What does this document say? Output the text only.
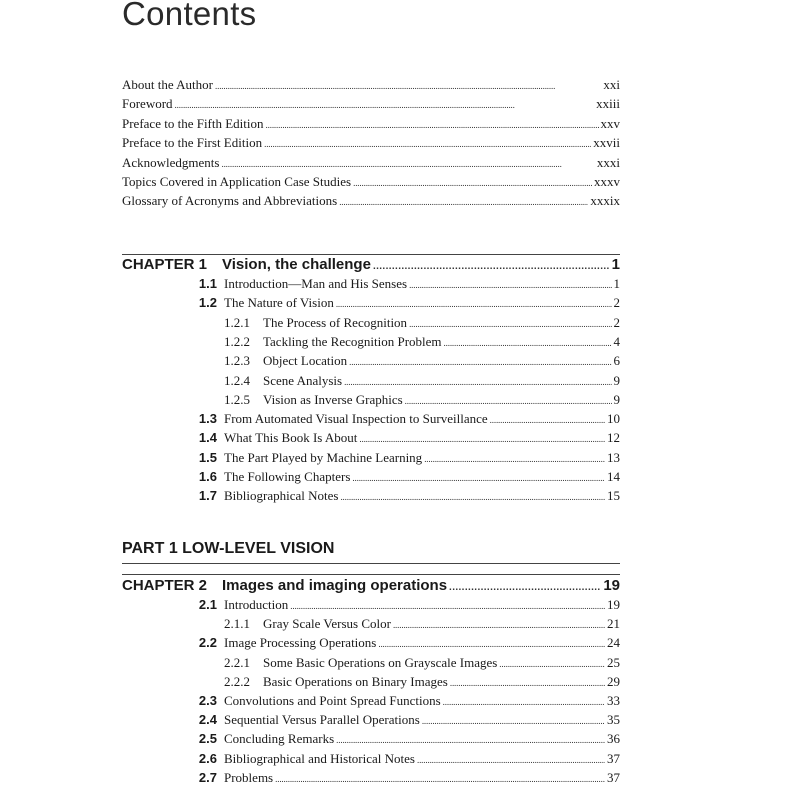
Contents
About the Author . . .	xxi
Foreword . . .	xxiii
Preface to the Fifth Edition . . .	xxv
Preface to the First Edition . . .	xxvii
Acknowledgments . . .	xxxi
Topics Covered in Application Case Studies . . .	xxxv
Glossary of Acronyms and Abbreviations . . .	xxxix
CHAPTER 1 Vision, the challenge . . .	1
1.1 Introduction—Man and His Senses . . .	1
1.2 The Nature of Vision . . .	2
1.2.1 The Process of Recognition . . .	2
1.2.2 Tackling the Recognition Problem . . .	4
1.2.3 Object Location . . .	6
1.2.4 Scene Analysis . . .	9
1.2.5 Vision as Inverse Graphics . . .	9
1.3 From Automated Visual Inspection to Surveillance . . .	10
1.4 What This Book Is About . . .	12
1.5 The Part Played by Machine Learning . . .	13
1.6 The Following Chapters . . .	14
1.7 Bibliographical Notes . . .	15
PART 1 LOW-LEVEL VISION
CHAPTER 2 Images and imaging operations . . .	19
2.1 Introduction . . .	19
2.1.1 Gray Scale Versus Color . . .	21
2.2 Image Processing Operations . . .	24
2.2.1 Some Basic Operations on Grayscale Images . . .	25
2.2.2 Basic Operations on Binary Images . . .	29
2.3 Convolutions and Point Spread Functions . . .	33
2.4 Sequential Versus Parallel Operations . . .	35
2.5 Concluding Remarks . . .	36
2.6 Bibliographical and Historical Notes . . .	37
2.7 Problems . . .	37
